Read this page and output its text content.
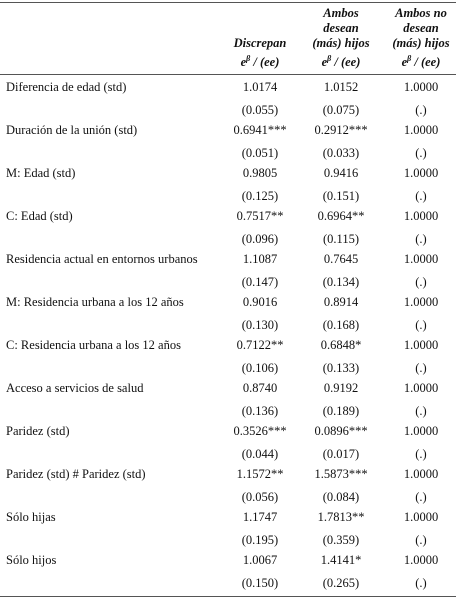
Discrepan
$e^\beta / (ee)$
Ambos
desean
(más) hijos
$e^\beta / (ee)$
Ambos no
desean
(más) hijos
$e^\beta / (ee)$
Diferencia de edad (std)	1.0174	1.0152	1.0000
(0.055)	(0.075)	(.)
Duración de la unión (std)	0.6941***	0.2912***	1.0000
(0.051)	(0.033)	(.)
M: Edad (std)	0.9805	0.9416	1.0000
(0.125)	(0.151)	(.)
C: Edad (std)	0.7517**	0.6964**	1.0000
(0.096)	(0.115)	(.)
Residencia actual en entornos urbanos	1.1087	0.7645	1.0000
(0.147)	(0.134)	(.)
M: Residencia urbana a los 12 años	0.9016	0.8914	1.0000
(0.130)	(0.168)	(.)
C: Residencia urbana a los 12 años	0.7122**	0.6848*	1.0000
(0.106)	(0.133)	(.)
Acceso a servicios de salud	0.8740	0.9192	1.0000
(0.136)	(0.189)	(.)
Paridez (std)	0.3526***	0.0896***	1.0000
(0.044)	(0.017)	(.)
Paridez (std) # Paridez (std)	1.1572**	1.5873***	1.0000
(0.056)	(0.084)	(.)
Sólo hijas	1.1747	1.7813**	1.0000
(0.195)	(0.359)	(.)
Sólo hijos	1.0067	1.4141*	1.0000
(0.150)	(0.265)	(.)
